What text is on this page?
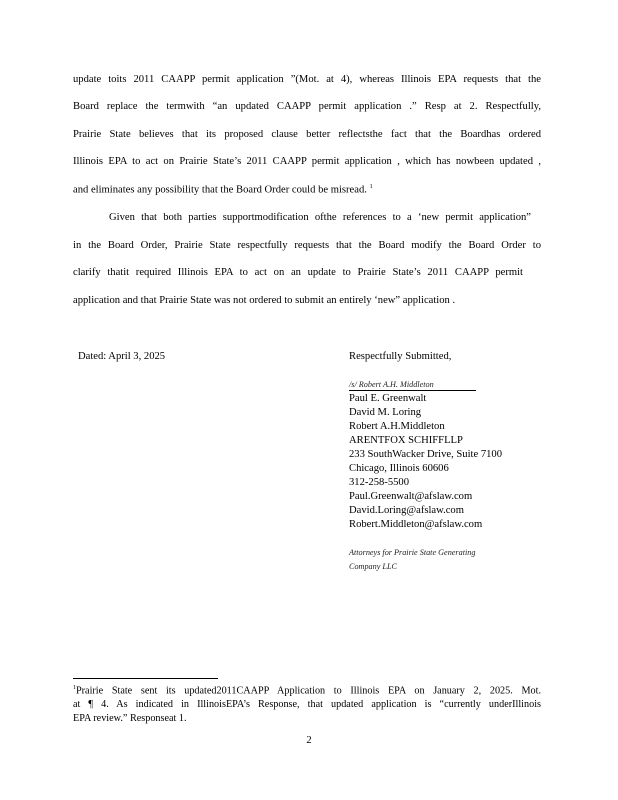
update toits 2011 CAAPP permit application ”(Mot. at 4), whereas Illinois EPA requests that the
Board replace the termwith “an updated CAAPP permit application .” Resp at 2. Respectfully,
Prairie State believes that its proposed clause better reflectsthe fact that the Boardhas ordered
Illinois EPA to act on Prairie State’s 2011 CAAPP permit application , which has nowbeen updated ,
and eliminates any possibility that the Board Order could be misread. $^1$
Given that both parties supportmodification ofthe references to a ‘new permit application”
in the Board Order, Prairie State respectfully requests that the Board modify the Board Order to
clarify thatit required Illinois EPA to act on an update to Prairie State’s 2011 CAAPP permit
application and that Prairie State was not ordered to submit an entirely ‘new” application .
Dated: April 3, 2025	Respectfully Submitted,
/s/ Robert A.H. Middleton
Paul E. Greenwalt
David M. Loring
Robert A.H.Middleton
ARENTFOX SCHIFFLLP
233 SouthWacker Drive, Suite 7100
Chicago, Illinois 60606
312-258-5500
Paul.Greenwalt@afslaw.com
David.Loring@afslaw.com
Robert.Middleton@afslaw.com
Attorneys for Prairie State Generating
Company LLC
$^1$Prairie State sent its updated2011CAAPP Application to Illinois EPA on January 2, 2025. Mot.
at ¶ 4. As indicated in IllinoisEPA’s Response, that updated application is “currently underIllinois
EPA review.” Responseat 1.
2
